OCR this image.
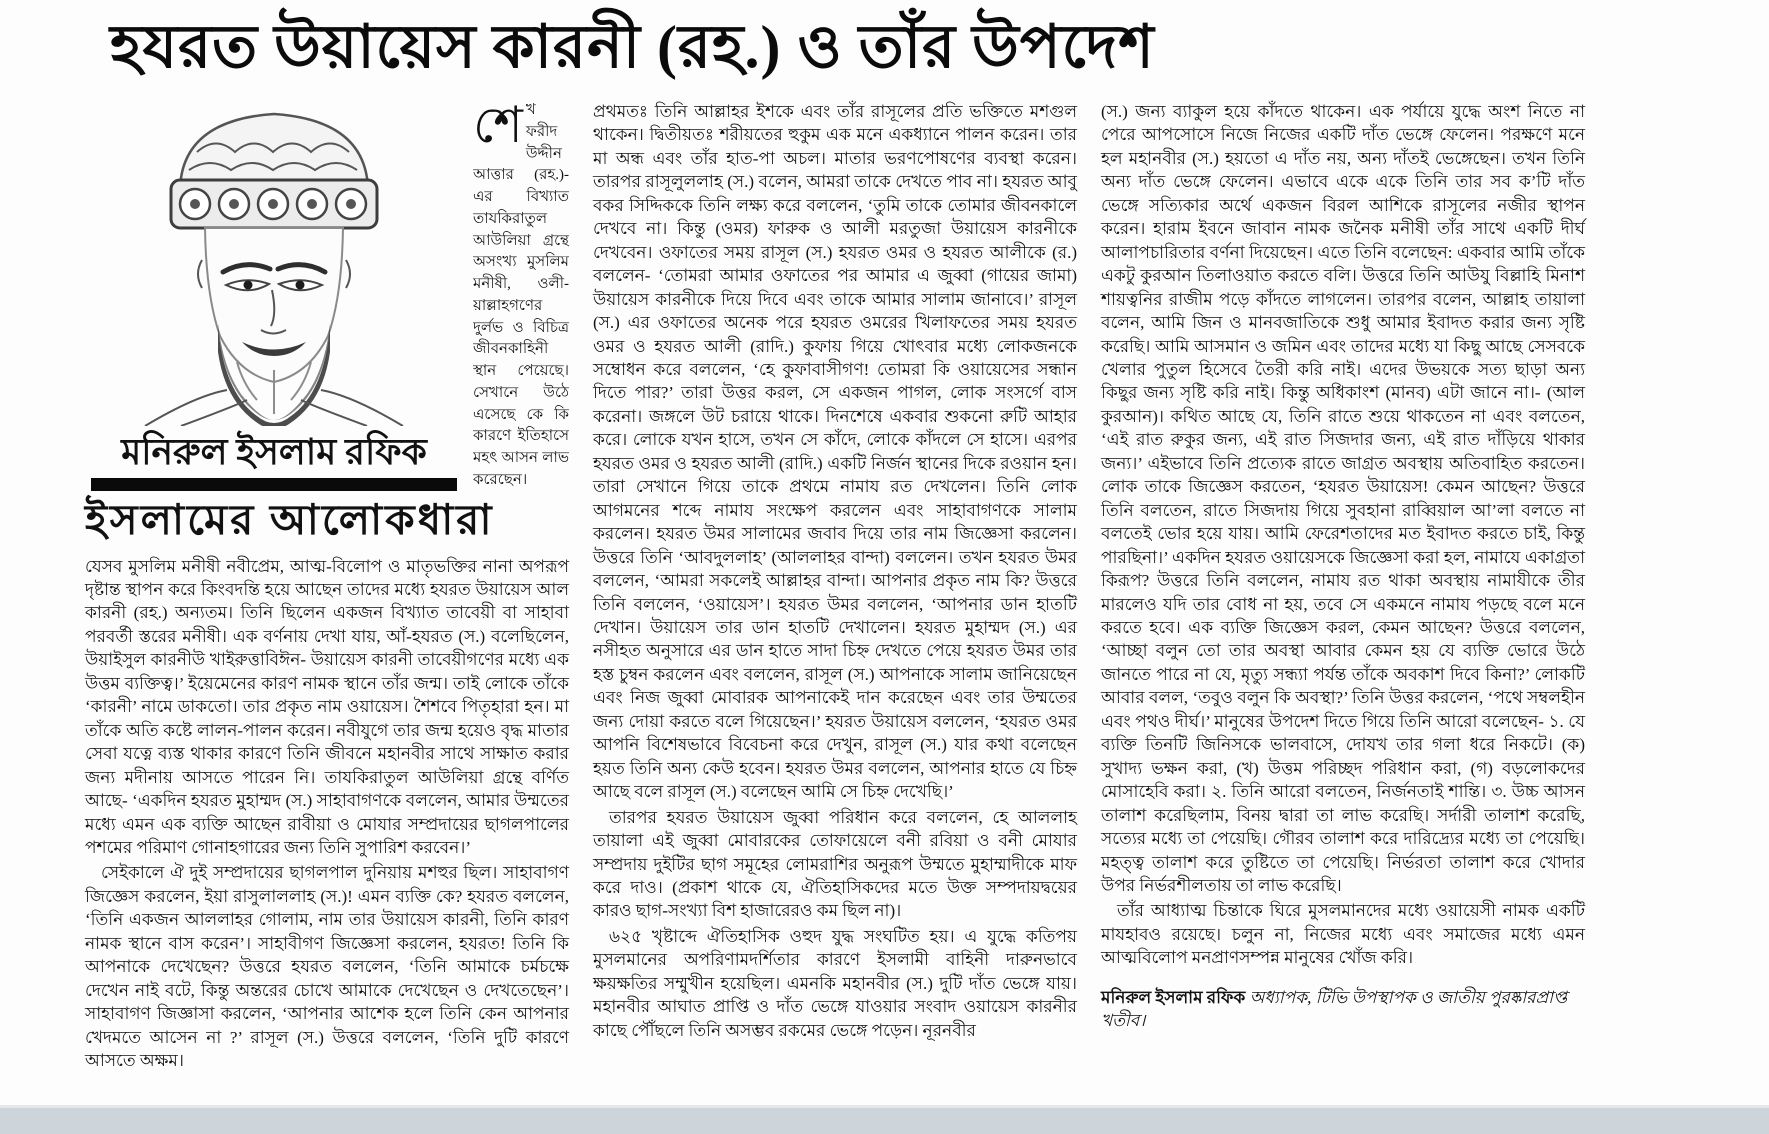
হযরত উয়ায়েস কারনী (রহ.) ও তাঁর উপদেশ
মনিরুল ইসলাম রফিক
ইসলামের আলোকধারা
শেখ ফরীদ উদ্দীন আত্তার (রহ.)-এর বিখ্যাত তাযকিরাতুল আউলিয়া গ্রন্থে অসংখ্য মুসলিম মনীষী, ওলী-য়াল্লাহগণের দুর্লভ ও বিচিত্র জীবনকাহিনী স্থান পেয়েছে। সেখানে উঠে এসেছে কে কি কারণে ইতিহাসে মহৎ আসন লাভ করেছেন।

যেসব মুসলিম মনীষী নবীপ্রেম, আত্ম-বিলোপ ও মাতৃভক্তির নানা অপরূপ দৃষ্টান্ত স্থাপন করে কিংবদন্তি হয়ে আছেন তাদের মধ্যে হযরত উয়ায়েস আল কারনী (রহ.) অন্যতম। তিনি ছিলেন একজন বিখ্যাত তাবেয়ী বা সাহাবা পরবর্তী স্তরের মনীষী। এক বর্ণনায় দেখা যায়, আঁ-হযরত (স.) বলেছিলেন, উয়াইসুল কারনীউ খাইরুত্তাবিঈন- উয়ায়েস কারনী তাবেয়ীগণের মধ্যে এক উত্তম ব্যক্তিত্ব।’ ইয়েমেনের কারণ নামক স্থানে তাঁর জন্ম। তাই লোকে তাঁকে ‘কারনী’ নামে ডাকতো। তার প্রকৃত নাম ওয়ায়েস। শৈশবে পিতৃহারা হন। মা তাঁকে অতি কষ্টে লালন-পালন করেন। নবীযুগে তার জন্ম হয়েও বৃদ্ধ মাতার সেবা যত্নে ব্যস্ত থাকার কারণে তিনি জীবনে মহানবীর সাথে সাক্ষাত করার জন্য মদীনায় আসতে পারেন নি। তাযকিরাতুল আউলিয়া গ্রন্থে বর্ণিত আছে- ‘একদিন হযরত মুহাম্মদ (স.) সাহাবাগণকে বললেন, আমার উম্মতের মধ্যে এমন এক ব্যক্তি আছেন রাবীয়া ও মোযার সম্প্রদায়ের ছাগলপালের পশমের পরিমাণ গোনাহগারের জন্য তিনি সুপারিশ করবেন।’

সেইকালে ঐ দুই সম্প্রদায়ের ছাগলপাল দুনিয়ায় মশহুর ছিল। সাহাবাগণ জিজ্ঞেস করলেন, ইয়া রাসুলাললাহ (স.)! এমন ব্যক্তি কে? হযরত বললেন, ‘তিনি একজন আললাহর গোলাম, নাম তার উয়ায়েস কারনী, তিনি কারণ নামক স্থানে বাস করেন’। সাহাবীগণ জিজ্ঞেসা করলেন, হযরত! তিনি কি আপনাকে দেখেছেন? উত্তরে হযরত বললেন, ‘তিনি আমাকে চর্মচক্ষে দেখেন নাই বটে, কিন্তু অন্তরের চোখে আমাকে দেখেছেন ও দেখতেছেন’। সাহাবাগণ জিজ্ঞাসা করলেন, ‘আপনার আশেক হলে তিনি কেন আপনার খেদমতে আসেন না ?’ রাসূল (স.) উত্তরে বললেন, ‘তিনি দুটি কারণে আসতে অক্ষম।

প্রথমতঃ তিনি আল্লাহর ইশকে এবং তাঁর রাসূলের প্রতি ভক্তিতে মশগুল থাকেন। দ্বিতীয়তঃ শরীয়তের হুকুম এক মনে একধ্যানে পালন করেন। তার মা অন্ধ এবং তাঁর হাত-পা অচল। মাতার ভরণপোষণের ব্যবস্থা করেন। তারপর রাসূলুললাহ (স.) বলেন, আমরা তাকে দেখতে পাব না। হযরত আবু বকর সিদ্দিককে তিনি লক্ষ্য করে বললেন, ‘তুমি তাকে তোমার জীবনকালে দেখবে না। কিন্তু (ওমর) ফারুক ও আলী মরতুজা উয়ায়েস কারনীকে দেখবেন। ওফাতের সময় রাসূল (স.) হযরত ওমর ও হযরত আলীকে (র.) বললেন- ‘তোমরা আমার ওফাতের পর আমার এ জুব্বা (গায়ের জামা) উয়ায়েস কারনীকে দিয়ে দিবে এবং তাকে আমার সালাম জানাবে।’ রাসূল (স.) এর ওফাতের অনেক পরে হযরত ওমরের খিলাফতের সময় হযরত ওমর ও হযরত আলী (রাদি.) কুফায় গিয়ে খোৎবার মধ্যে লোকজনকে সম্বোধন করে বললেন, ‘হে কুফাবাসীগণ! তোমরা কি ওয়ায়েসের সন্ধান দিতে পার?’ তারা উত্তর করল, সে একজন পাগল, লোক সংসর্গে বাস করেনা। জঙ্গলে উট চরায়ে থাকে। দিনশেষে একবার শুকনো রুটি আহার করে। লোকে যখন হাসে, তখন সে কাঁদে, লোকে কাঁদলে সে হাসে। এরপর হযরত ওমর ও হযরত আলী (রাদি.) একটি নির্জন স্থানের দিকে রওয়ান হন। তারা সেখানে গিয়ে তাকে প্রথমে নামায রত দেখলেন। তিনি লোক আগমনের শব্দে নামায সংক্ষেপ করলেন এবং সাহাবাগণকে সালাম করলেন। হযরত উমর সালামের জবাব দিয়ে তার নাম জিজ্ঞেসা করলেন। উত্তরে তিনি ‘আবদুললাহ’ (আললাহর বান্দা) বললেন। তখন হযরত উমর বললেন, ‘আমরা সকলেই আল্লাহর বান্দা। আপনার প্রকৃত নাম কি? উত্তরে তিনি বললেন, ‘ওয়ায়েস’। হযরত উমর বললেন, ‘আপনার ডান হাতটি দেখান। উয়ায়েস তার ডান হাতটি দেখালেন। হযরত মুহাম্মদ (স.) এর নসীহত অনুসারে এর ডান হাতে সাদা চিহ্ন দেখতে পেয়ে হযরত উমর তার হস্ত চুম্বন করলেন এবং বললেন, রাসূল (স.) আপনাকে সালাম জানিয়েছেন এবং নিজ জুব্বা মোবারক আপনাকেই দান করেছেন এবং তার উম্মতের জন্য দোয়া করতে বলে গিয়েছেন।’ হযরত উয়ায়েস বললেন, ‘হযরত ওমর আপনি বিশেষভাবে বিবেচনা করে দেখুন, রাসূল (স.) যার কথা বলেছেন হয়ত তিনি অন্য কেউ হবেন। হযরত উমর বললেন, আপনার হাতে যে চিহ্ন আছে বলে রাসূল (স.) বলেছেন আমি সে চিহ্ন দেখেছি।’

তারপর হযরত উয়ায়েস জুব্বা পরিধান করে বললেন, হে আললাহ তায়ালা এই জুব্বা মোবারকের তোফায়েলে বনী রবিয়া ও বনী মোযার সম্প্রদায় দুইটির ছাগ সমূহের লোমরাশির অনুরূপ উম্মতে মুহাম্মাদীকে মাফ করে দাও। (প্রকাশ থাকে যে, ঐতিহাসিকদের মতে উক্ত সম্পদায়দ্বয়ের কারও ছাগ-সংখ্যা বিশ হাজারেরও কম ছিল না)।

৬২৫ খৃষ্টাব্দে ঐতিহাসিক ওহুদ যুদ্ধ সংঘটিত হয়। এ যুদ্ধে কতিপয় মুসলমানের অপরিণামদর্শিতার কারণে ইসলামী বাহিনী দারুনভাবে ক্ষয়ক্ষতির সম্মুখীন হয়েছিল। এমনকি মহানবীর (স.) দুটি দাঁত ভেঙ্গে যায়। মহানবীর আঘাত প্রাপ্তি ও দাঁত ভেঙ্গে যাওয়ার সংবাদ ওয়ায়েস কারনীর কাছে পৌঁছলে তিনি অসম্ভব রকমের ভেঙ্গে পড়েন। নূরনবীর

(স.) জন্য ব্যাকুল হয়ে কাঁদতে থাকেন। এক পর্যায়ে যুদ্ধে অংশ নিতে না পেরে আপসোসে নিজে নিজের একটি দাঁত ভেঙ্গে ফেলেন। পরক্ষণে মনে হল মহানবীর (স.) হয়তো এ দাঁত নয়, অন্য দাঁতই ভেঙ্গেছেন। তখন তিনি অন্য দাঁত ভেঙ্গে ফেলেন। এভাবে একে একে তিনি তার সব ক’টি দাঁত ভেঙ্গে সত্যিকার অর্থে একজন বিরল আশিকে রাসূলের নজীর স্থাপন করেন। হারাম ইবনে জাবান নামক জনৈক মনীষী তাঁর সাথে একটি দীর্ঘ আলাপচারিতার বর্ণনা দিয়েছেন। এতে তিনি বলেছেন: একবার আমি তাঁকে একটু কুরআন তিলাওয়াত করতে বলি। উত্তরে তিনি আউযু বিল্লাহি মিনাশ শায়ত্বনির রাজীম পড়ে কাঁদতে লাগলেন। তারপর বলেন, আল্লাহ তায়ালা বলেন, আমি জিন ও মানবজাতিকে শুধু আমার ইবাদত করার জন্য সৃষ্টি করেছি। আমি আসমান ও জমিন এবং তাদের মধ্যে যা কিছু আছে সেসবকে খেলার পুতুল হিসেবে তৈরী করি নাই। এদের উভয়কে সত্য ছাড়া অন্য কিছুর জন্য সৃষ্টি করি নাই। কিন্তু অধিকাংশ (মানব) এটা জানে না।- (আল কুরআন)। কথিত আছে যে, তিনি রাতে শুয়ে থাকতেন না এবং বলতেন, ‘এই রাত রুকুর জন্য, এই রাত সিজদার জন্য, এই রাত দাঁড়িয়ে থাকার জন্য।’ এইভাবে তিনি প্রত্যেক রাতে জাগ্রত অবস্থায় অতিবাহিত করতেন। লোক তাকে জিজ্ঞেস করতেন, ‘হযরত উয়ায়েস! কেমন আছেন? উত্তরে তিনি বলতেন, রাতে সিজদায় গিয়ে সুবহানা রাব্বিয়াল আ’লা বলতে না বলতেই ভোর হয়ে যায়। আমি ফেরেশতাদের মত ইবাদত করতে চাই, কিন্তু পারছিনা।’ একদিন হযরত ওয়ায়েসকে জিজ্ঞেসা করা হল, নামাযে একাগ্রতা কিরূপ? উত্তরে তিনি বললেন, নামায রত থাকা অবস্থায় নামাযীকে তীর মারলেও যদি তার বোধ না হয়, তবে সে একমনে নামায পড়ছে বলে মনে করতে হবে। এক ব্যক্তি জিজ্ঞেস করল, কেমন আছেন? উত্তরে বললেন, ‘আচ্ছা বলুন তো তার অবস্থা আবার কেমন হয় যে ব্যক্তি ভোরে উঠে জানতে পারে না যে, মৃত্যু সন্ধ্যা পর্যন্ত তাঁকে অবকাশ দিবে কিনা?’ লোকটি আবার বলল, ‘তবুও বলুন কি অবস্থা?’ তিনি উত্তর করলেন, ‘পথে সম্বলহীন এবং পথও দীর্ঘ।’ মানুষের উপদেশ দিতে গিয়ে তিনি আরো বলেছেন- ১. যে ব্যক্তি তিনটি জিনিসকে ভালবাসে, দোযখ তার গলা ধরে নিকটে। (ক) সুখাদ্য ভক্ষন করা, (খ) উত্তম পরিচ্ছদ পরিধান করা, (গ) বড়লোকদের মোসাহেবি করা। ২. তিনি আরো বলতেন, নির্জনতাই শান্তি। ৩. উচ্চ আসন তালাশ করেছিলাম, বিনয় দ্বারা তা লাভ করেছি। সর্দারী তালাশ করেছি, সত্যের মধ্যে তা পেয়েছি। গৌরব তালাশ করে দারিদ্র্যের মধ্যে তা পেয়েছি। মহত্ত্ব তালাশ করে তুষ্টিতে তা পেয়েছি। নির্ভরতা তালাশ করে খোদার উপর নির্ভরশীলতায় তা লাভ করেছি।

তাঁর আধ্যাত্ম চিন্তাকে ঘিরে মুসলমানদের মধ্যে ওয়ায়েসী নামক একটি মাযহাবও রয়েছে। চলুন না, নিজের মধ্যে এবং সমাজের মধ্যে এমন আত্মবিলোপ মনপ্রাণসম্পন্ন মানুষের খোঁজ করি।

মনিরুল ইসলাম রফিক অধ্যাপক, টিভি উপস্থাপক ও জাতীয় পুরষ্কারপ্রাপ্ত খতীব।
